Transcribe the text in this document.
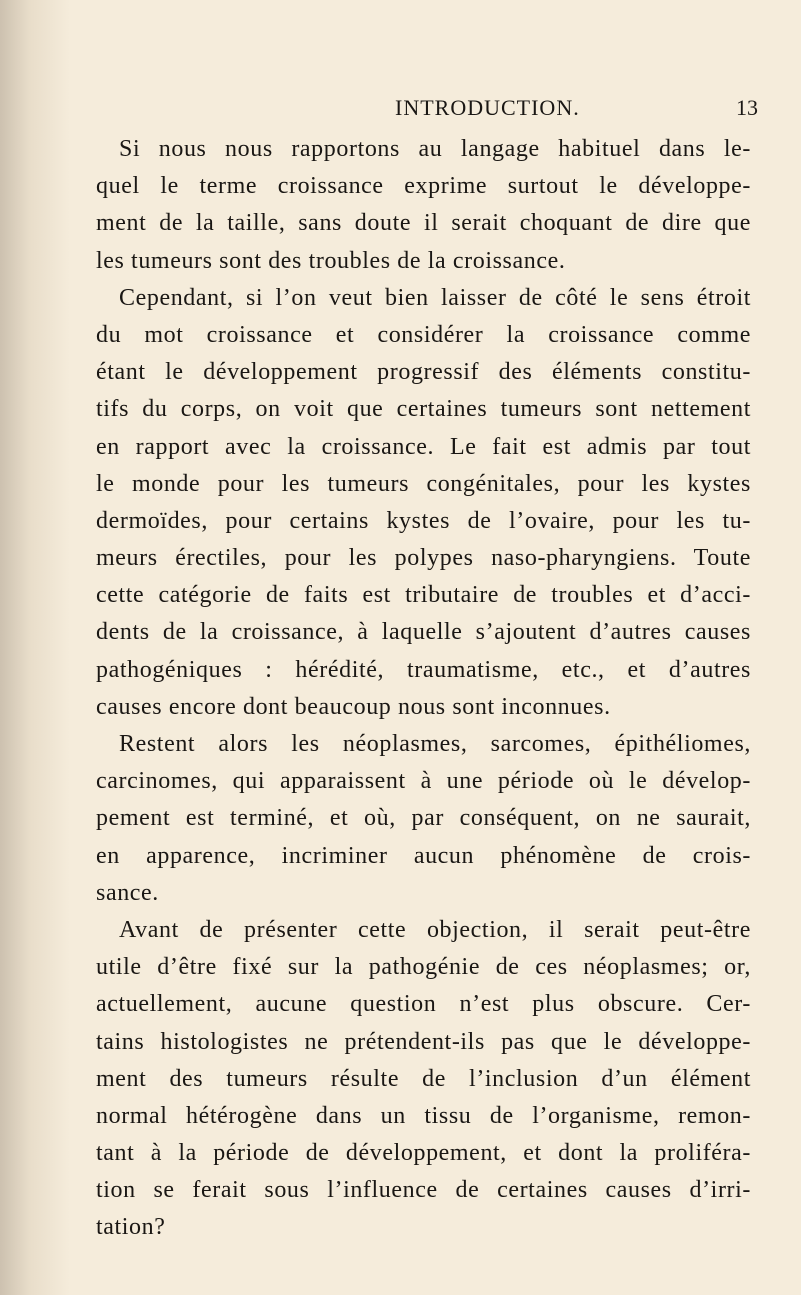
INTRODUCTION.	13
Si nous nous rapportons au langage habituel dans le-
quel le terme croissance exprime surtout le développe-
ment de la taille, sans doute il serait choquant de dire que
les tumeurs sont des troubles de la croissance.
Cependant, si l’on veut bien laisser de côté le sens étroit
du mot croissance et considérer la croissance comme
étant le développement progressif des éléments constitu-
tifs du corps, on voit que certaines tumeurs sont nettement
en rapport avec la croissance. Le fait est admis par tout
le monde pour les tumeurs congénitales, pour les kystes
dermoïdes, pour certains kystes de l’ovaire, pour les tu-
meurs érectiles, pour les polypes naso-pharyngiens. Toute
cette catégorie de faits est tributaire de troubles et d’acci-
dents de la croissance, à laquelle s’ajoutent d’autres causes
pathogéniques : hérédité, traumatisme, etc., et d’autres
causes encore dont beaucoup nous sont inconnues.
Restent alors les néoplasmes, sarcomes, épithéliomes,
carcinomes, qui apparaissent à une période où le dévelop-
pement est terminé, et où, par conséquent, on ne saurait,
en apparence, incriminer aucun phénomène de crois-
sance.
Avant de présenter cette objection, il serait peut-être
utile d’être fixé sur la pathogénie de ces néoplasmes; or,
actuellement, aucune question n’est plus obscure. Cer-
tains histologistes ne prétendent-ils pas que le développe-
ment des tumeurs résulte de l’inclusion d’un élément
normal hétérogène dans un tissu de l’organisme, remon-
tant à la période de développement, et dont la proliféra-
tion se ferait sous l’influence de certaines causes d’irri-
tation?
